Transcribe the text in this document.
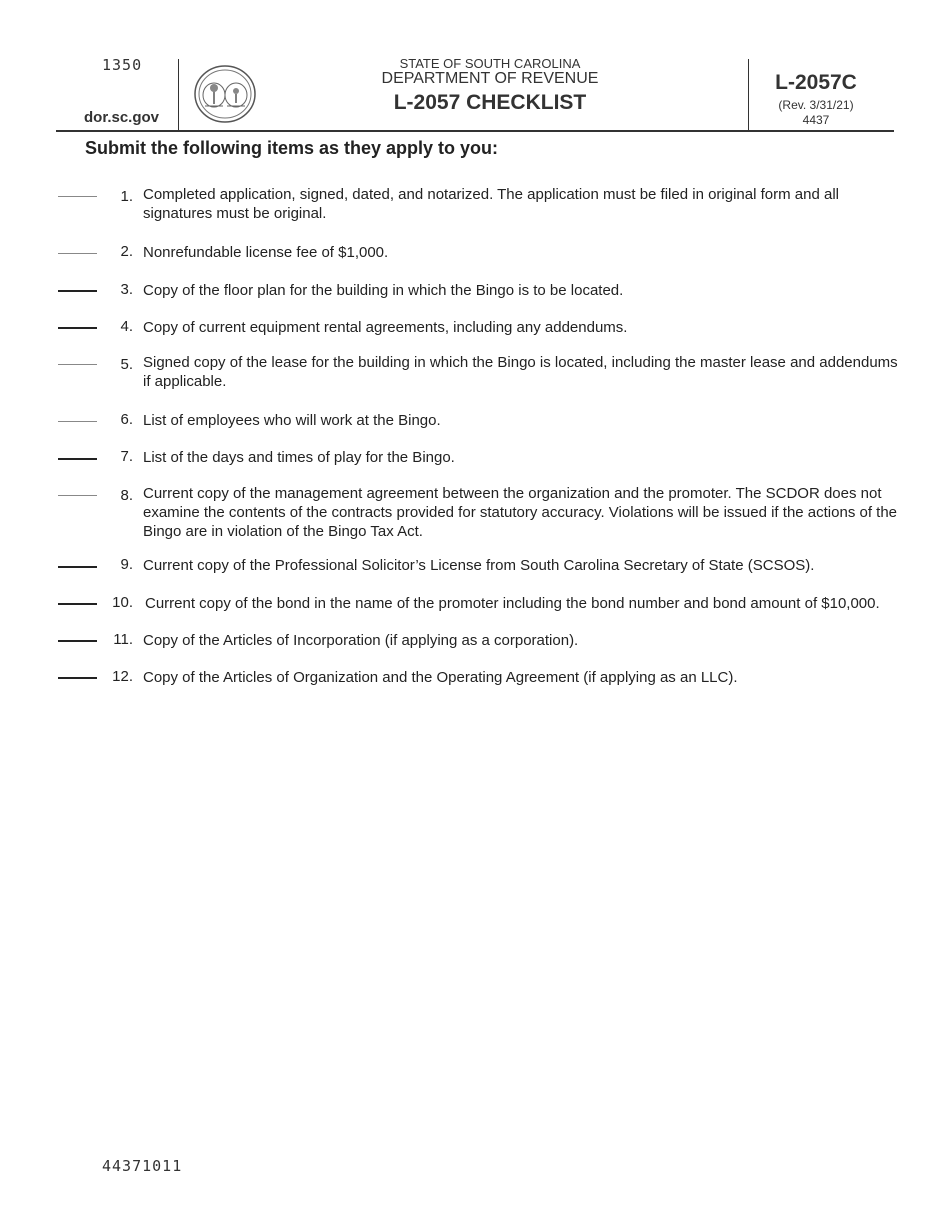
1350
dor.sc.gov
STATE OF SOUTH CAROLINA
DEPARTMENT OF REVENUE
L-2057 CHECKLIST
L-2057C
(Rev. 3/31/21)
4437
Submit the following items as they apply to you:
1. Completed application, signed, dated, and notarized. The application must be filed in original form and all signatures must be original.
2. Nonrefundable license fee of $1,000.
3. Copy of the floor plan for the building in which the Bingo is to be located.
4. Copy of current equipment rental agreements, including any addendums.
5. Signed copy of the lease for the building in which the Bingo is located, including the master lease and addendums if applicable.
6. List of employees who will work at the Bingo.
7. List of the days and times of play for the Bingo.
8. Current copy of the management agreement between the organization and the promoter. The SCDOR does not examine the contents of the contracts provided for statutory accuracy. Violations will be issued if the actions of the Bingo are in violation of the Bingo Tax Act.
9. Current copy of the Professional Solicitor’s License from South Carolina Secretary of State (SCSOS).
10. Current copy of the bond in the name of the promoter including the bond number and bond amount of $10,000.
11. Copy of the Articles of Incorporation (if applying as a corporation).
12. Copy of the Articles of Organization and the Operating Agreement (if applying as an LLC).
44371011
